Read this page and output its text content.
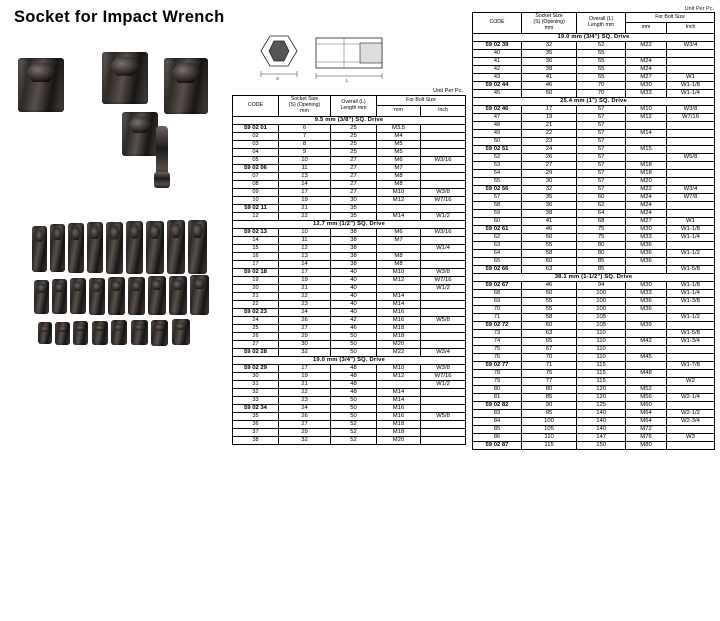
Socket for Impact Wrench	Unit Per Pc.
S	L
Unit Per Pc.
CODE	
Socket Size
(S) (Opening)
mm

Overall (L)
Length mm
	For Bolt Size
			mm	Inch
9.5 mm (3/8") SQ. Drive				
59 02 01	6	25	M3.5	
02	7	25	M4	
03	8	25	M5	
04	9	25	M5	
05	10	27	M6	W3/16
59 02 06	11	27	M7	
07	13	27	M8	
08	14	27	M8	
09	17	27	M10	W3/8
10	19	30	M12	W7/16
59 02 11	21	35		
12	22	35	M14	W1/2
12.7 mm (1/2") SQ. Drive				
59 02 13	10	38	M6	W3/16
14	11	38	M7	
15	12	38		W1/4
16	13	38	M8	
17	14	38	M8	
59 02 18	17	40	M10	W3/8
19	19	40	M12	W7/16
20	21	40		W1/2
21	22	40	M14	
22	23	40	M14	
59 02 23	24	40	M16	
24	26	42	M16	W5/8
25	27	46	M18	
26	29	50	M18	
27	30	50	M20	
59 02 28	32	50	M22	W3/4
19.0 mm (3/4") SQ. Drive				
59 02 29	17	48	M10	W3/8
30	19	48	M12	W7/16
31	21	48		W1/2
32	22	48	M14	
33	23	50	M14	
59 02 34	24	50	M16	
35	26	50	M16	W5/8
36	27	52	M18	
37	29	52	M18	
38	32	52	M20	
CODE	
Socket Size
(S) (Opening)
mm

Overall (L)
Length mm
	For Bolt Size
			mm	Inch
19.0 mm (3/4") SQ. Drive				
59 02 39	32	52	M22	W3/4
40	35	55		
41	36	55	M24	
42	38	55	M24	
43	41	55	M27	W1
59 02 44	46	70	M30	W1-1/8
45	50	70	M33	W1-1/4
25.4 mm (1") SQ. Drive				
59 02 46	17	57	M10	W3/8
47	19	57	M12	W7/16
48	21	57		
49	22	57	M14	
50	23	57		
59 02 51	24	57	M15	
52	26	57		W5/8
53	27	57	M18	
54	29	57	M18	
55	30	57	M20	
59 02 56	32	57	M22	W3/4
57	35	60	M24	W7/8
58	36	62	M24	
59	38	64	M24	
60	41	68	M27	W1
59 02 61	46	75	M30	W1-1/8
62	50	75	M33	W1-1/4
63	55	80	M36	
64	58	80	M36	W1-1/2
65	60	85	M36	
59 02 66	63	85		W1-5/8
38.1 mm (1-1/2") SQ. Drive				
59 02 67	46	94	M30	W1-1/8
68	50	100	M33	W1-1/4
69	55	100	M36	W1-3/8
70	55	100	M36	
71	58	105		W1-1/2
59 02 72	60	105	M39	
73	63	110		W1-5/8
74	65	110	M42	W1-3/4
75	67	110		
76	70	110	M45	
59 02 77	71	115		W1-7/8
78	75	115	M48	
79	77	115		W2
80	80	120	M52	
81	85	120	M56	W2-1/4
59 02 82	90	125	M60	
83	95	140	M64	W2-1/2
84	100	140	M64	W2-3/4
85	105	140	M72	
86	110	147	M76	W3
59 02 87	115	150	M80	
